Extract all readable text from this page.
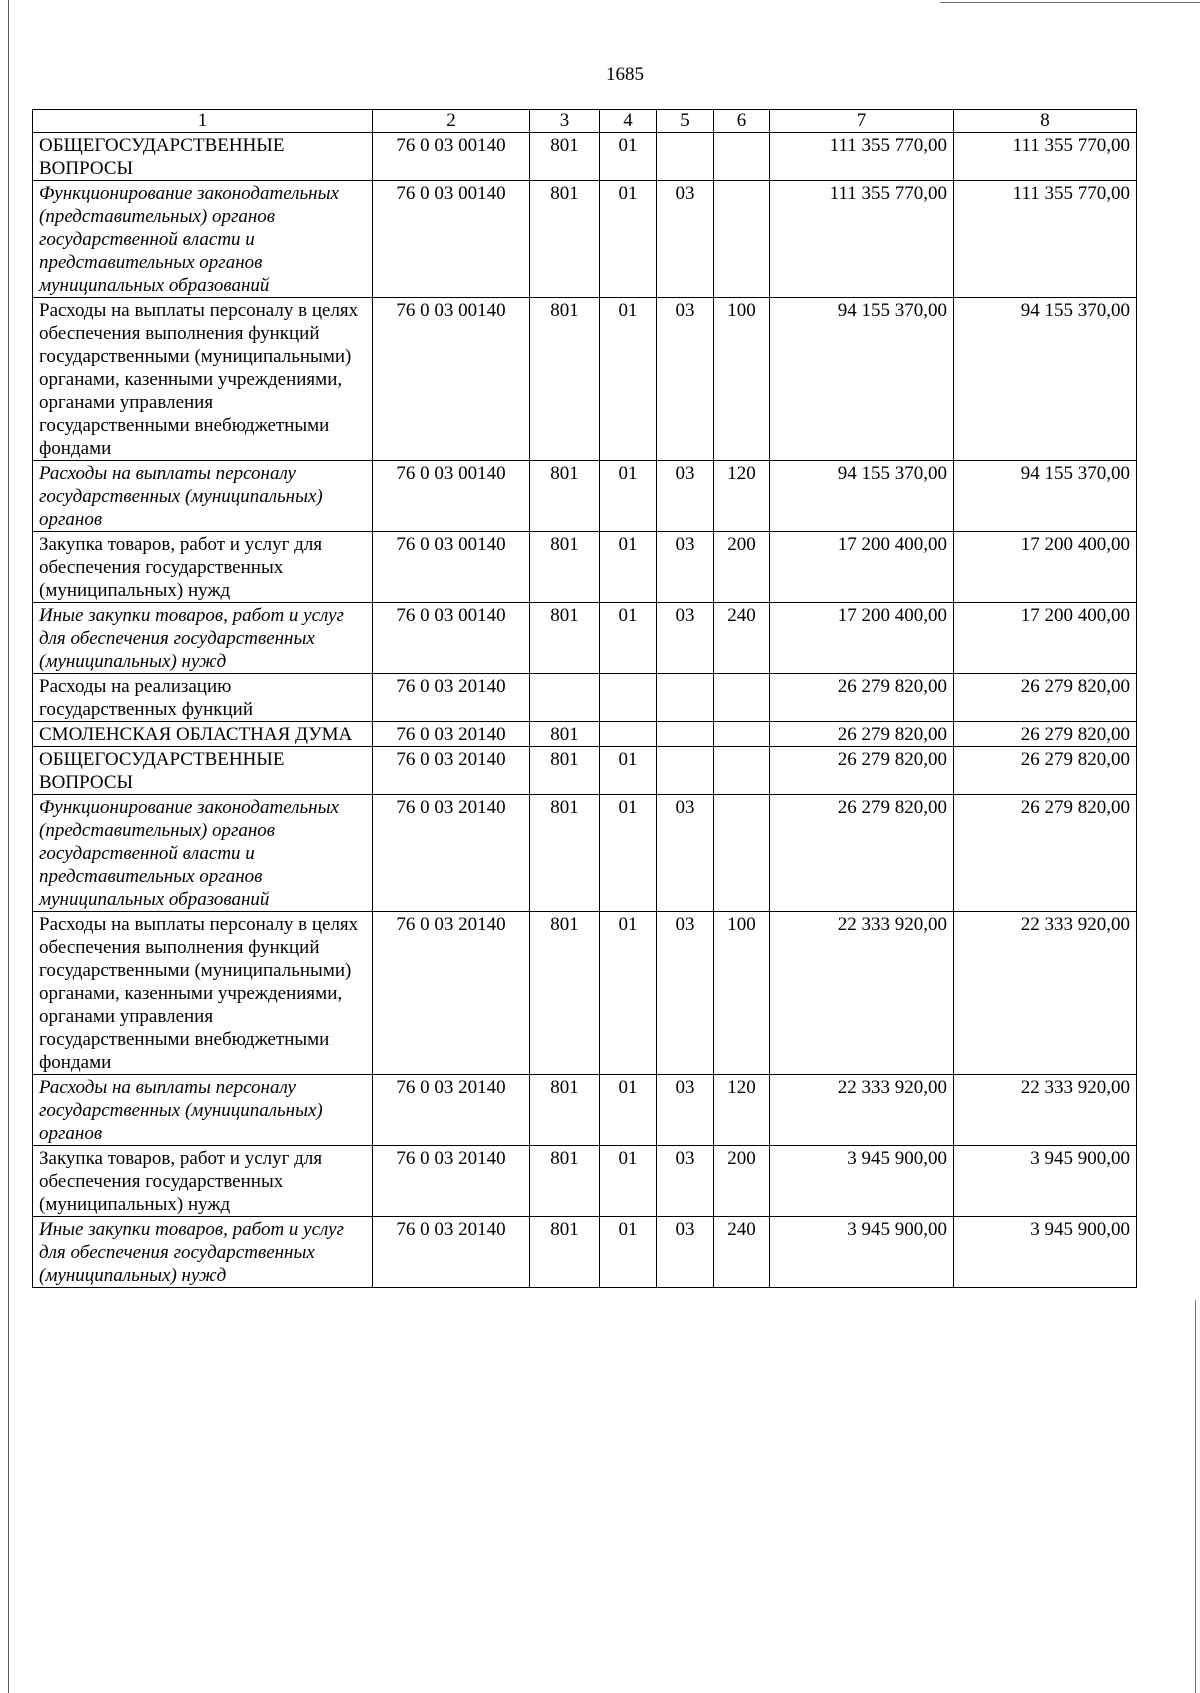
1685
1	2	3	4	5	6	7	8
ОБЩЕГОСУДАРСТВЕННЫЕ ВОПРОСЫ	76 0 03 00140	801	01			111 355 770,00	111 355 770,00
Функционирование законодательных (представительных) органов государственной власти и представительных органов муниципальных образований	76 0 03 00140	801	01	03		111 355 770,00	111 355 770,00
Расходы на выплаты персоналу в целях обеспечения выполнения функций государственными (муниципальными) органами, казенными учреждениями, органами управления государственными внебюджетными фондами	76 0 03 00140	801	01	03	100	94 155 370,00	94 155 370,00
Расходы на выплаты персоналу государственных (муниципальных) органов	76 0 03 00140	801	01	03	120	94 155 370,00	94 155 370,00
Закупка товаров, работ и услуг для обеспечения государственных (муниципальных) нужд	76 0 03 00140	801	01	03	200	17 200 400,00	17 200 400,00
Иные закупки товаров, работ и услуг для обеспечения государственных (муниципальных) нужд	76 0 03 00140	801	01	03	240	17 200 400,00	17 200 400,00
Расходы на реализацию государственных функций	76 0 03 20140					26 279 820,00	26 279 820,00
СМОЛЕНСКАЯ ОБЛАСТНАЯ ДУМА	76 0 03 20140	801				26 279 820,00	26 279 820,00
ОБЩЕГОСУДАРСТВЕННЫЕ ВОПРОСЫ	76 0 03 20140	801	01			26 279 820,00	26 279 820,00
Функционирование законодательных (представительных) органов государственной власти и представительных органов муниципальных образований	76 0 03 20140	801	01	03		26 279 820,00	26 279 820,00
Расходы на выплаты персоналу в целях обеспечения выполнения функций государственными (муниципальными) органами, казенными учреждениями, органами управления государственными внебюджетными фондами	76 0 03 20140	801	01	03	100	22 333 920,00	22 333 920,00
Расходы на выплаты персоналу государственных (муниципальных) органов	76 0 03 20140	801	01	03	120	22 333 920,00	22 333 920,00
Закупка товаров, работ и услуг для обеспечения государственных (муниципальных) нужд	76 0 03 20140	801	01	03	200	3 945 900,00	3 945 900,00
Иные закупки товаров, работ и услуг для обеспечения государственных (муниципальных) нужд	76 0 03 20140	801	01	03	240	3 945 900,00	3 945 900,00
